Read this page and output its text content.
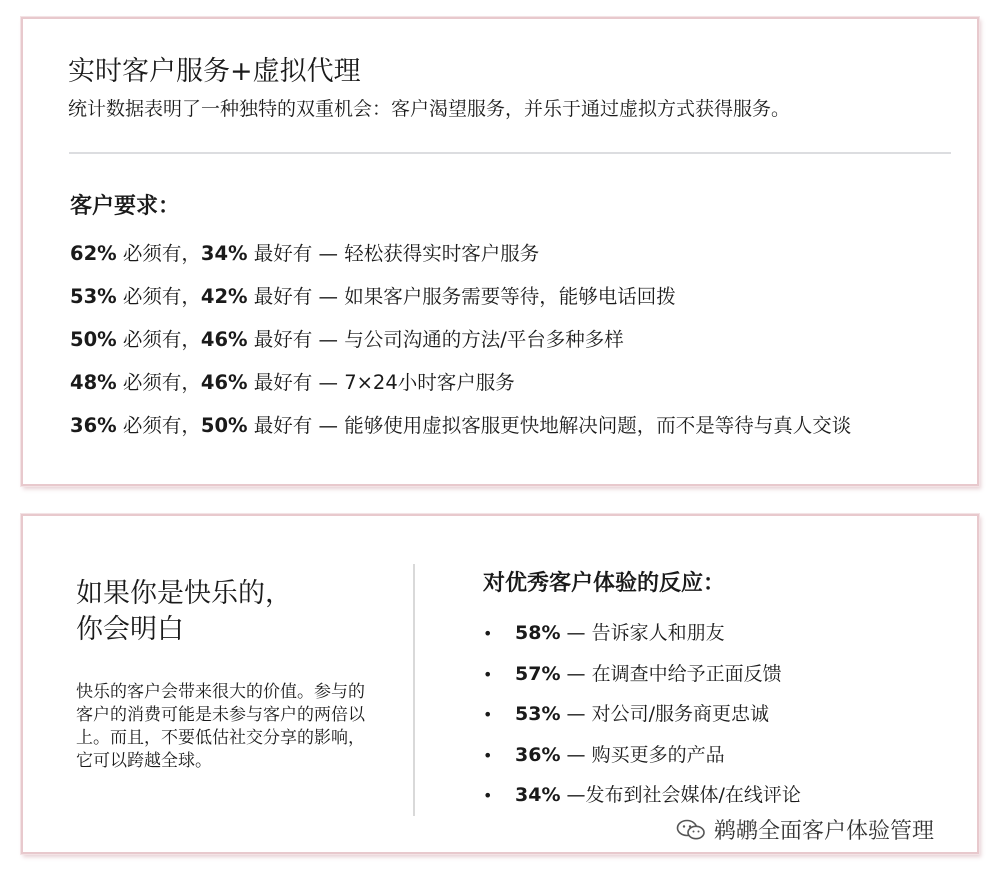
实时客户服务+虚拟代理

统计数据表明了一种独特的双重机会：客户渴望服务，并乐于通过虚拟方式获得服务。

客户要求：
62% 必须有，34% 最好有 — 轻松获得实时客户服务
53% 必须有，42% 最好有 — 如果客户服务需要等待，能够电话回拨
50% 必须有，46% 最好有 — 与公司沟通的方法/平台多种多样
48% 必须有，46% 最好有 — 7×24小时客户服务
36% 必须有，50% 最好有 — 能够使用虚拟客服更快地解决问题，而不是等待与真人交谈
如果你是快乐的，
你会明白

快乐的客户会带来很大的价值。参与的客户的消费可能是未参与客户的两倍以上。而且，不要低估社交分享的影响，它可以跨越全球。

对优秀客户体验的反应：
• 58% — 告诉家人和朋友
• 57% — 在调查中给予正面反馈
• 53% — 对公司/服务商更忠诚
• 36% — 购买更多的产品
• 34% —发布到社会媒体/在线评论
鹈鹕全面客户体验管理
